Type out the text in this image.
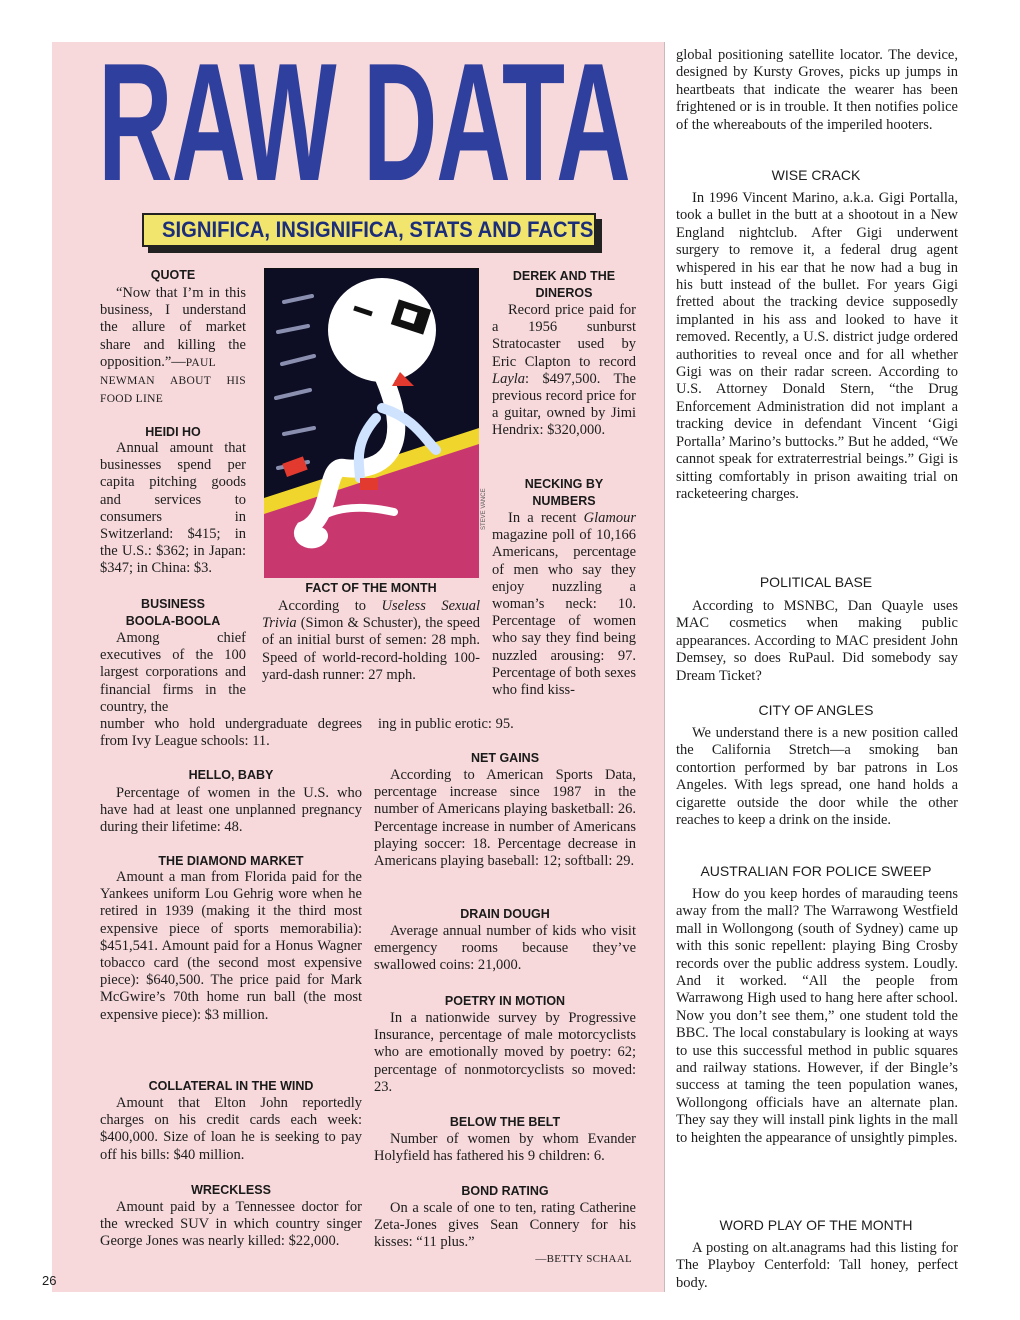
RAW DATA
SIGNIFICA, INSIGNIFICA, STATS AND FACTS
STEVE VANCE

QUOTE

“Now that I’m in this business, I understand the allure of market share and killing the opposition.”—PAUL NEWMAN ABOUT HIS FOOD LINE

HEIDI HO

Annual amount that businesses spend per capita pitching goods and services to consumers in Switzerland: $415; in the U.S.: $362; in Japan: $347; in China: $3.

BUSINESS
BOOLA-BOOLA

Among chief executives of the 100 largest corporations and financial firms in the country, the

number who hold undergraduate degrees from Ivy League schools: 11.

FACT OF THE MONTH

According to Useless Sexual Trivia (Simon & Schuster), the speed of an initial burst of semen: 28 mph. Speed of world-record-holding 100-yard-dash runner: 27 mph.

DEREK AND THE
DINEROS

Record price paid for a 1956 sunburst Stratocaster used by Eric Clapton to record Layla: $497,500. The previous record price for a guitar, owned by Jimi Hendrix: $320,000.

NECKING BY
NUMBERS

In a recent Glamour magazine poll of 10,166 Americans, percentage of men who say they enjoy nuzzling a woman’s neck: 10. Percentage of women who say they find being nuzzled arousing: 97. Percentage of both sexes who find kiss-

ing in public erotic: 95.

HELLO, BABY

Percentage of women in the U.S. who have had at least one unplanned pregnancy during their lifetime: 48.

THE DIAMOND MARKET

Amount a man from Florida paid for the Yankees uniform Lou Gehrig wore when he retired in 1939 (making it the third most expensive piece of sports memorabilia): $451,541. Amount paid for a Honus Wagner tobacco card (the second most expensive piece): $640,500. The price paid for Mark McGwire’s 70th home run ball (the most expensive piece): $3 million.

COLLATERAL IN THE WIND

Amount that Elton John reportedly charges on his credit cards each week: $400,000. Size of loan he is seeking to pay off his bills: $40 million.

WRECKLESS

Amount paid by a Tennessee doctor for the wrecked SUV in which country singer George Jones was nearly killed: $22,000.

NET GAINS

According to American Sports Data, percentage increase since 1987 in the number of Americans playing basketball: 26. Percentage increase in number of Americans playing soccer: 18. Percentage decrease in Americans playing baseball: 12; softball: 29.

DRAIN DOUGH

Average annual number of kids who visit emergency rooms because they’ve swallowed coins: 21,000.

POETRY IN MOTION

In a nationwide survey by Progressive Insurance, percentage of male motorcyclists who are emotionally moved by poetry: 62; percentage of nonmotorcyclists so moved: 23.

BELOW THE BELT

Number of women by whom Evander Holyfield has fathered his 9 children: 6.

BOND RATING

On a scale of one to ten, rating Catherine Zeta-Jones gives Sean Connery for his kisses: “11 plus.”

—BETTY SCHAAL

global positioning satellite locator. The device, designed by Kursty Groves, picks up jumps in heartbeats that indicate the wearer has been frightened or is in trouble. It then notifies police of the whereabouts of the imperiled hooters.

WISE CRACK

In 1996 Vincent Marino, a.k.a. Gigi Portalla, took a bullet in the butt at a shootout in a New England nightclub. After Gigi underwent surgery to remove it, a federal drug agent whispered in his ear that he now had a bug in his butt instead of the bullet. For years Gigi fretted about the tracking device supposedly implanted in his ass and looked to have it removed. Recently, a U.S. district judge ordered authorities to reveal once and for all whether Gigi was on their radar screen. According to U.S. Attorney Donald Stern, “the Drug Enforcement Administration did not implant a tracking device in defendant Vincent ‘Gigi Portalla’ Marino’s buttocks.” But he added, “We cannot speak for extraterrestrial beings.” Gigi is sitting comfortably in prison awaiting trial on racketeering charges.

POLITICAL BASE

According to MSNBC, Dan Quayle uses MAC cosmetics when making public appearances. According to MAC president John Demsey, so does RuPaul. Did somebody say Dream Ticket?

CITY OF ANGLES

We understand there is a new position called the California Stretch—a smoking ban contortion performed by bar patrons in Los Angeles. With legs spread, one hand holds a cigarette outside the door while the other reaches to keep a drink on the inside.

AUSTRALIAN FOR POLICE SWEEP

How do you keep hordes of marauding teens away from the mall? The Warrawong Westfield mall in Wollongong (south of Sydney) came up with this sonic repellent: playing Bing Crosby records over the public address system. Loudly. And it worked. “All the people from Warrawong High used to hang here after school. Now you don’t see them,” one student told the BBC. The local constabulary is looking at ways to use this successful method in public squares and railway stations. However, if der Bingle’s success at taming the teen population wanes, Wollongong officials have an alternate plan. They say they will install pink lights in the mall to heighten the appearance of unsightly pimples.

WORD PLAY OF THE MONTH

A posting on alt.anagrams had this listing for The Playboy Centerfold: Tall honey, perfect body.

26
